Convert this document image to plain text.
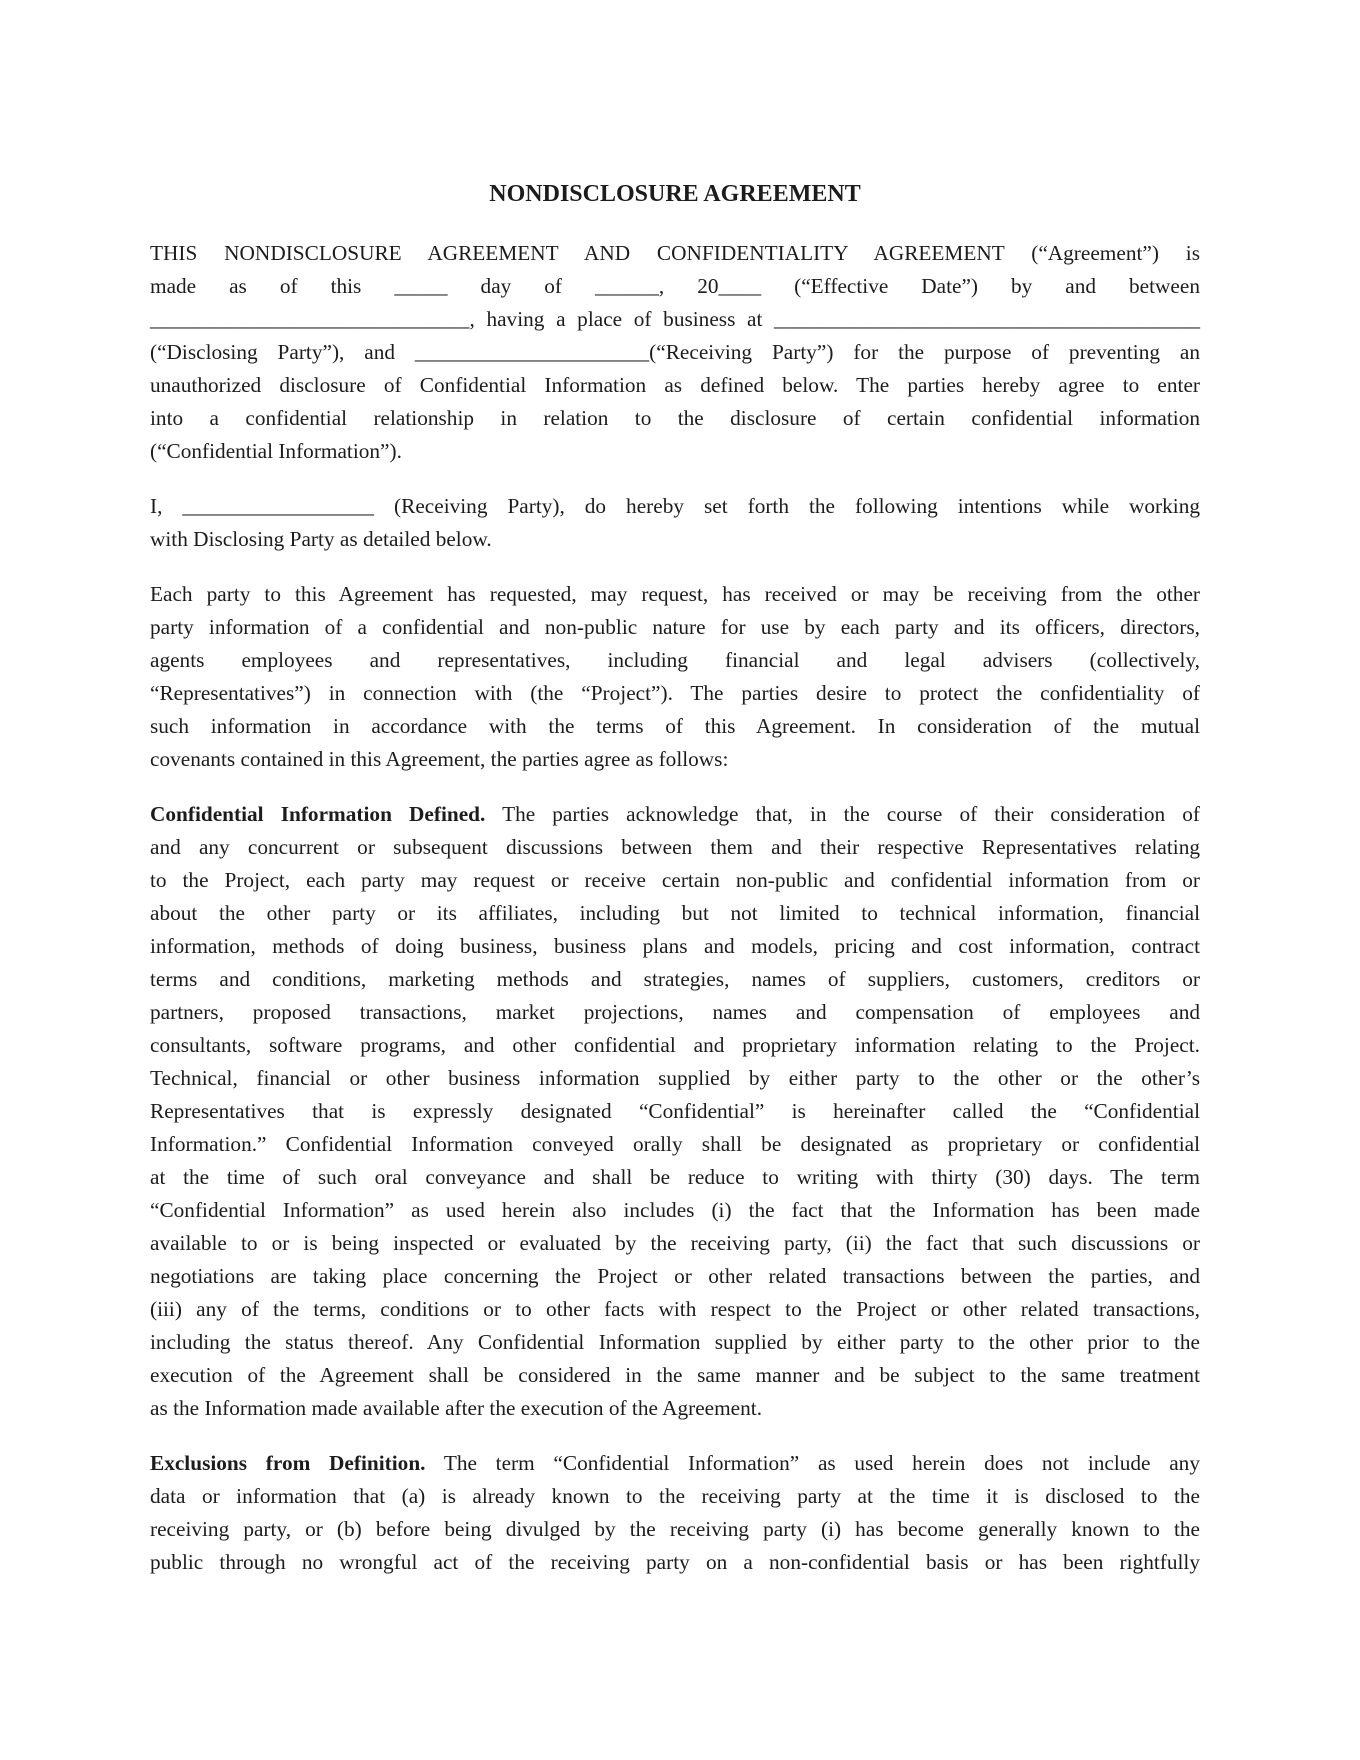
NONDISCLOSURE AGREEMENT
THIS NONDISCLOSURE AGREEMENT AND CONFIDENTIALITY AGREEMENT (“Agreement”) is
made as of this _____ day of ______, 20____ (“Effective Date”) by and between
______________________________, having a place of business at ________________________________________
(“Disclosing Party”), and ______________________(“Receiving Party”) for the purpose of preventing an
unauthorized disclosure of Confidential Information as defined below. The parties hereby agree to enter
into a confidential relationship in relation to the disclosure of certain confidential information
(“Confidential Information”).
I, __________________ (Receiving Party), do hereby set forth the following intentions while working
with Disclosing Party as detailed below.
Each party to this Agreement has requested, may request, has received or may be receiving from the other
party information of a confidential and non-public nature for use by each party and its officers, directors,
agents employees and representatives, including financial and legal advisers (collectively,
“Representatives”) in connection with (the “Project”). The parties desire to protect the confidentiality of
such information in accordance with the terms of this Agreement. In consideration of the mutual
covenants contained in this Agreement, the parties agree as follows:
Confidential Information Defined. The parties acknowledge that, in the course of their consideration of
and any concurrent or subsequent discussions between them and their respective Representatives relating
to the Project, each party may request or receive certain non-public and confidential information from or
about the other party or its affiliates, including but not limited to technical information, financial
information, methods of doing business, business plans and models, pricing and cost information, contract
terms and conditions, marketing methods and strategies, names of suppliers, customers, creditors or
partners, proposed transactions, market projections, names and compensation of employees and
consultants, software programs, and other confidential and proprietary information relating to the Project.
Technical, financial or other business information supplied by either party to the other or the other’s
Representatives that is expressly designated “Confidential” is hereinafter called the “Confidential
Information.” Confidential Information conveyed orally shall be designated as proprietary or confidential
at the time of such oral conveyance and shall be reduce to writing with thirty (30) days. The term
“Confidential Information” as used herein also includes (i) the fact that the Information has been made
available to or is being inspected or evaluated by the receiving party, (ii) the fact that such discussions or
negotiations are taking place concerning the Project or other related transactions between the parties, and
(iii) any of the terms, conditions or to other facts with respect to the Project or other related transactions,
including the status thereof. Any Confidential Information supplied by either party to the other prior to the
execution of the Agreement shall be considered in the same manner and be subject to the same treatment
as the Information made available after the execution of the Agreement.
Exclusions from Definition. The term “Confidential Information” as used herein does not include any
data or information that (a) is already known to the receiving party at the time it is disclosed to the
receiving party, or (b) before being divulged by the receiving party (i) has become generally known to the
public through no wrongful act of the receiving party on a non-confidential basis or has been rightfully
